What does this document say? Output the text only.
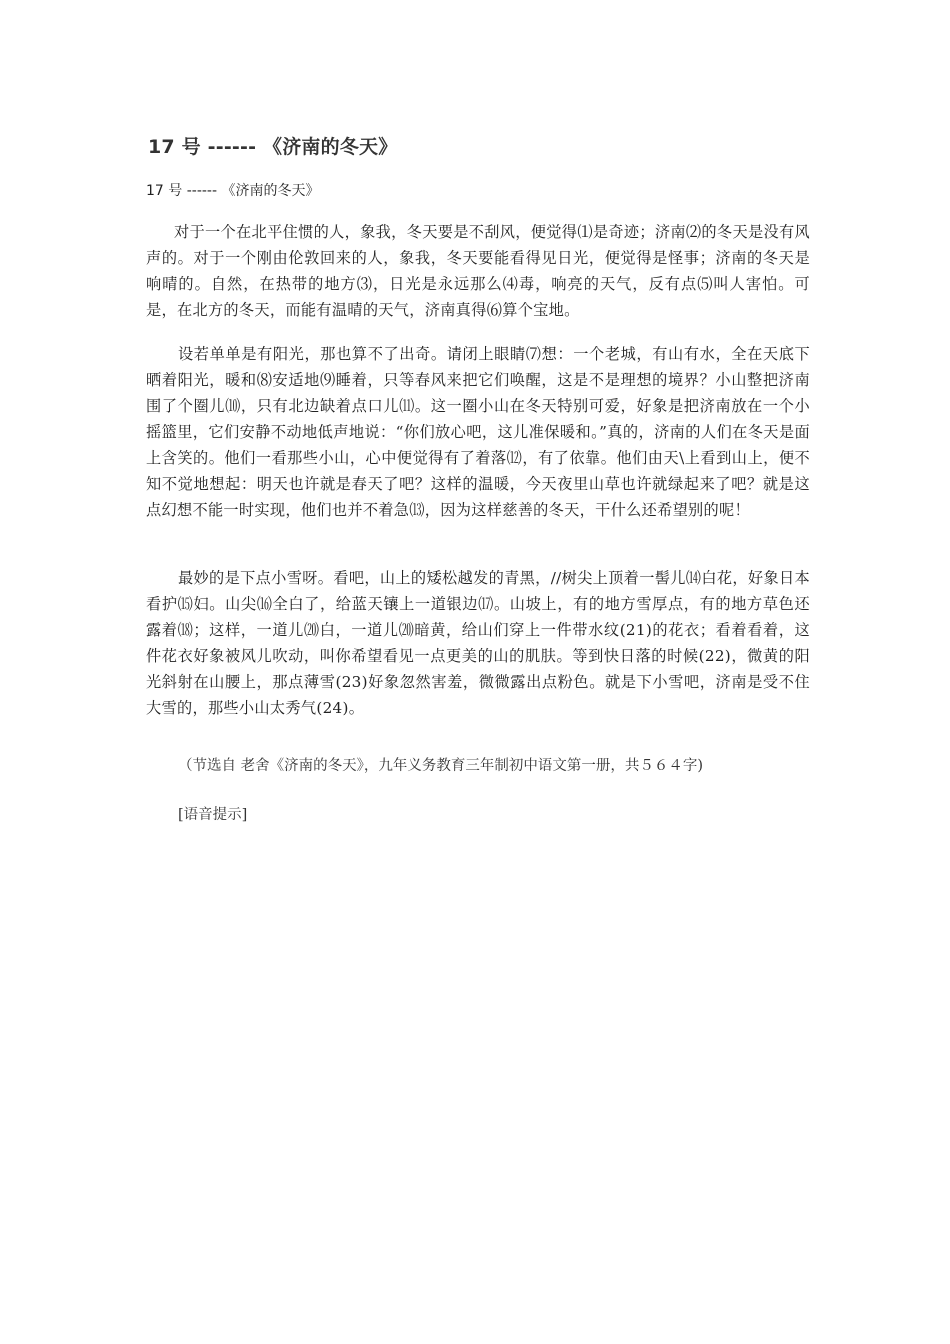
17 号 ------ 《济南的冬天》
17 号 ------ 《济南的冬天》

对于一个在北平住惯的人，象我，冬天要是不刮风，便觉得⑴是奇迹；济南⑵的冬天是没有风声的。对于一个刚由伦敦回来的人，象我，冬天要能看得见日光，便觉得是怪事；济南的冬天是响晴的。自然，在热带的地方⑶，日光是永远那么⑷毒，响亮的天气，反有点⑸叫人害怕。可是，在北方的冬天，而能有温晴的天气，济南真得⑹算个宝地。

设若单单是有阳光，那也算不了出奇。请闭上眼睛⑺想：一个老城，有山有水，全在天底下晒着阳光，暖和⑻安适地⑼睡着，只等春风来把它们唤醒，这是不是理想的境界？小山整把济南围了个圈儿⑽，只有北边缺着点口儿⑾。这一圈小山在冬天特别可爱，好象是把济南放在一个小摇篮里，它们安静不动地低声地说：“你们放心吧，这儿准保暖和。”真的，济南的人们在冬天是面上含笑的。他们一看那些小山，心中便觉得有了着落⑿，有了依靠。他们由天\上看到山上，便不知不觉地想起：明天也许就是春天了吧？这样的温暖，今天夜里山草也许就绿起来了吧？就是这点幻想不能一时实现，他们也并不着急⒀，因为这样慈善的冬天，干什么还希望别的呢！

最妙的是下点小雪呀。看吧，山上的矮松越发的青黑，//树尖上顶着一髻儿⒁白花，好象日本看护⒂妇。山尖⒃全白了，给蓝天镶上一道银边⒄。山坡上，有的地方雪厚点，有的地方草色还露着⒅；这样，一道儿⒇白，一道儿⒇暗黄，给山们穿上一件带水纹(21)的花衣；看着看着，这件花衣好象被风儿吹动，叫你希望看见一点更美的山的肌肤。等到快日落的时候(22)，微黄的阳光斜射在山腰上，那点薄雪(23)好象忽然害羞，微微露出点粉色。就是下小雪吧，济南是受不住大雪的，那些小山太秀气(24)。

（节选自 老舍《济南的冬天》，九年义务教育三年制初中语文第一册，共５６４字)
[语音提示]
